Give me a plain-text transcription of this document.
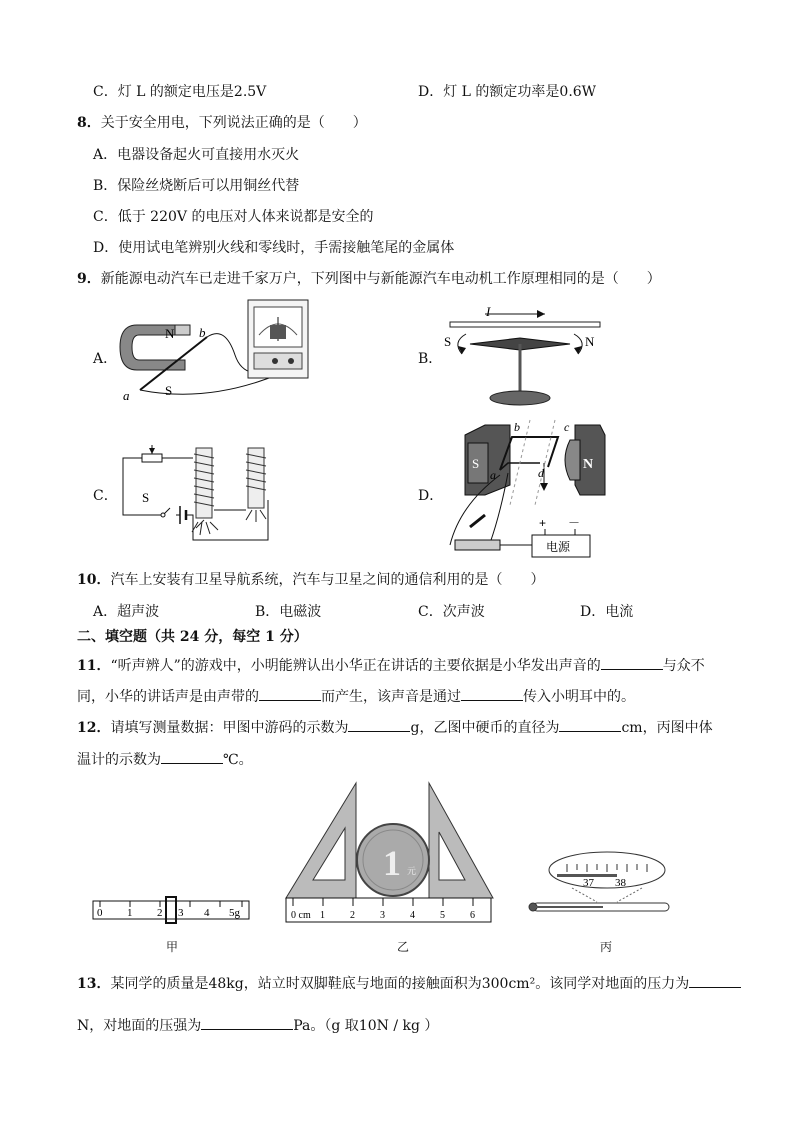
C．灯 L 的额定电压是2.5V	D．灯 L 的额定功率是0.6W
8．关于安全用电，下列说法正确的是（　　）
A．电器设备起火可直接用水灭火
B．保险丝烧断后可以用铜丝代替
C．低于 220V 的电压对人体来说都是安全的
D．使用试电笔辨别火线和零线时，手需接触笔尾的金属体
9．新能源电动汽车已走进千家万户，下列图中与新能源汽车电动机工作原理相同的是（　　）
A．	B．
C．	D．
N
S
a
b
I
S	N
S
S	N
a
b	c
d
+ －
电源
10．汽车上安装有卫星导航系统，汽车与卫星之间的通信利用的是（　　）
A．超声波	B．电磁波	C．次声波	D．电流
二、填空题（共 24 分，每空 1 分）
11．“听声辨人”的游戏中，小明能辨认出小华正在讲话的主要依据是小华发出声音的	与众不
同，小华的讲话声是由声带的	而产生，该声音是通过	传入小明耳中的。
12．请填写测量数据：甲图中游码的示数为	g，乙图中硬币的直径为	cm，丙图中体
温计的示数为	℃。
0 1 2 3 4 5g
甲
1 元
0 cm 1	2	3	4	5	6
乙
37 38
丙
13．某同学的质量是48kg，站立时双脚鞋底与地面的接触面积为300cm²。该同学对地面的压力为
N，对地面的压强为	Pa。（g 取10N / kg ）
